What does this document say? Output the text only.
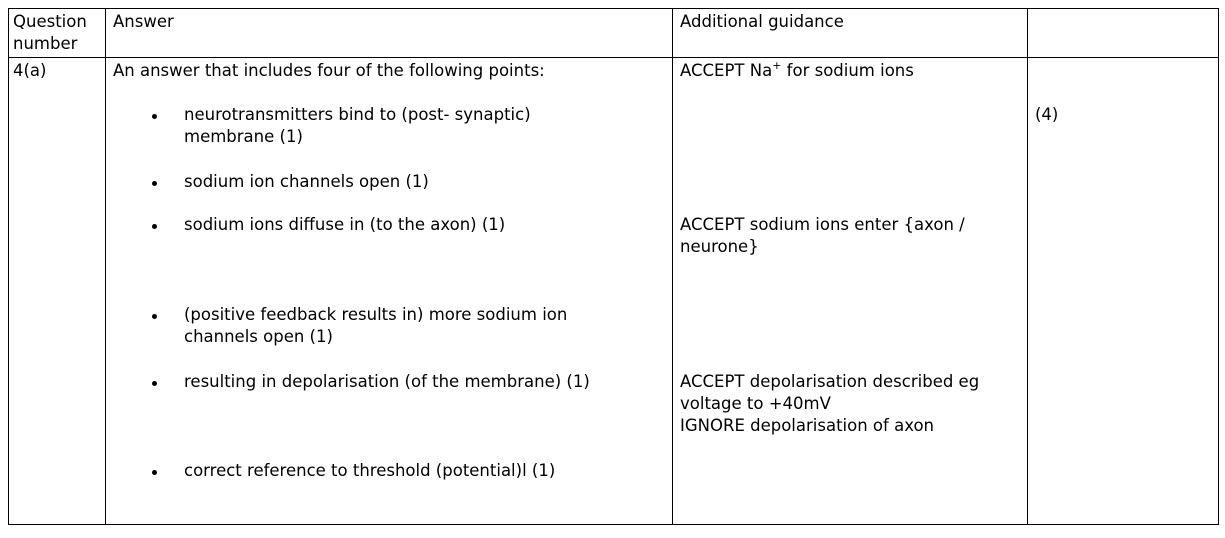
Question
number
Answer	Additional guidance
4(a)	An answer that includes four of the following points:
neurotransmitters bind to (post- synaptic)
membrane (1)
sodium ion channels open (1)
sodium ions diffuse in (to the axon) (1)
(positive feedback results in) more sodium ion
channels open (1)
resulting in depolarisation (of the membrane) (1)
correct reference to threshold (potential)l (1)
ACCEPT Na+ for sodium ions
ACCEPT sodium ions enter {axon /
neurone}
ACCEPT depolarisation described eg
voltage to +40mV
IGNORE depolarisation of axon
(4)
